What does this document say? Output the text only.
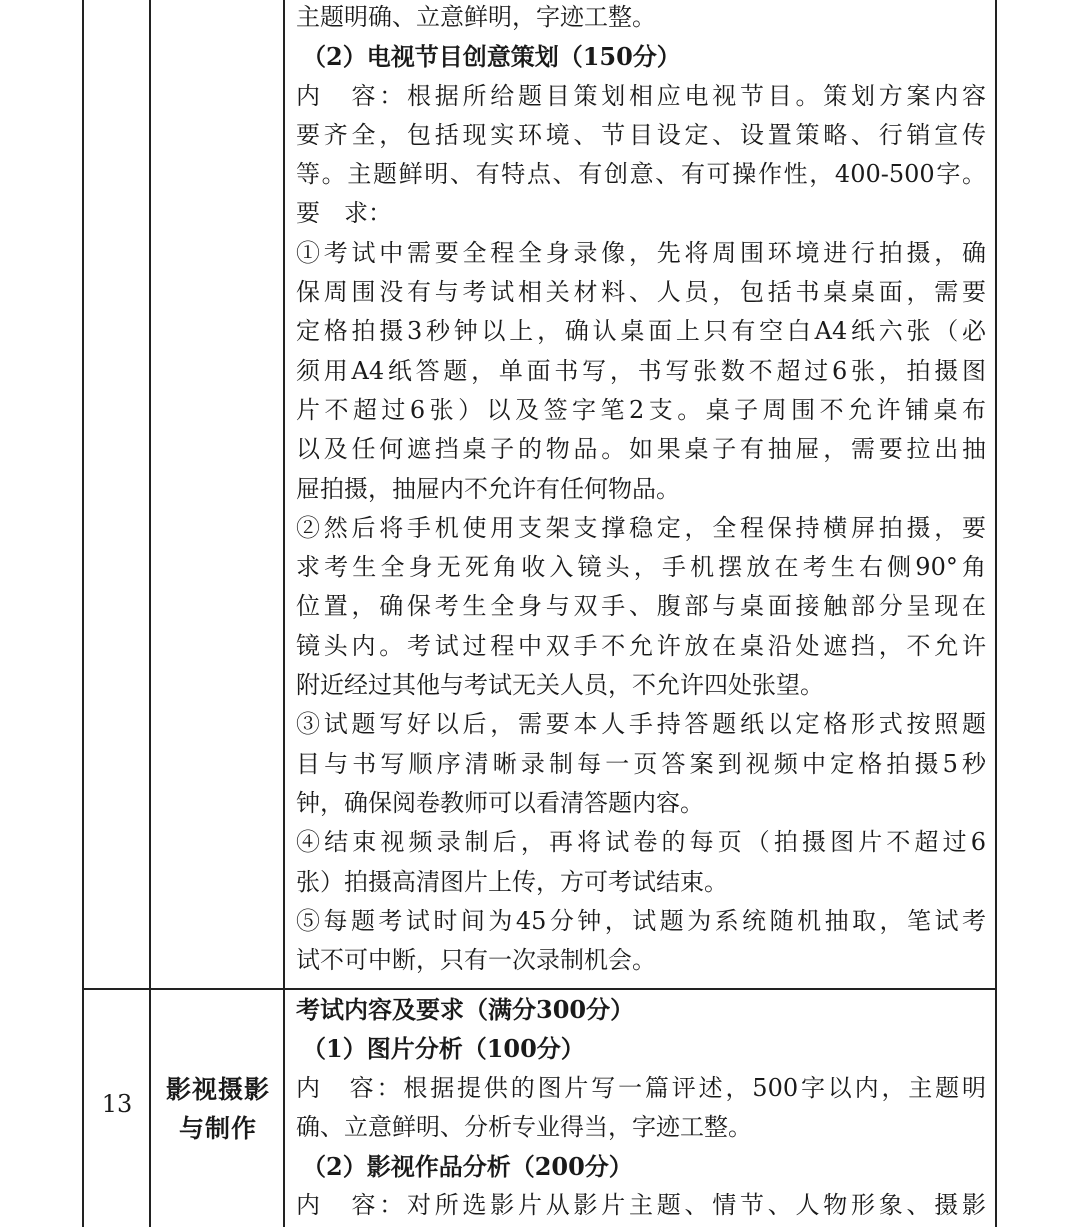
主题明确、立意鲜明，字迹工整。
（2）电视节目创意策划（150分）
内　容：根据所给题目策划相应电视节目。策划方案内容
要齐全，包括现实环境、节目设定、设置策略、行销宣传
等。主题鲜明、有特点、有创意、有可操作性，400-500字。
要　求：
①考试中需要全程全身录像，先将周围环境进行拍摄，确
保周围没有与考试相关材料、人员，包括书桌桌面，需要
定格拍摄3秒钟以上，确认桌面上只有空白A4纸六张（必
须用A4纸答题，单面书写，书写张数不超过6张，拍摄图
片不超过6张）以及签字笔2支。桌子周围不允许铺桌布
以及任何遮挡桌子的物品。如果桌子有抽屉，需要拉出抽
屉拍摄，抽屉内不允许有任何物品。
②然后将手机使用支架支撑稳定，全程保持横屏拍摄，要
求考生全身无死角收入镜头，手机摆放在考生右侧90°角
位置，确保考生全身与双手、腹部与桌面接触部分呈现在
镜头内。考试过程中双手不允许放在桌沿处遮挡，不允许
附近经过其他与考试无关人员，不允许四处张望。
③试题写好以后，需要本人手持答题纸以定格形式按照题
目与书写顺序清晰录制每一页答案到视频中定格拍摄5秒
钟，确保阅卷教师可以看清答题内容。
④结束视频录制后，再将试卷的每页（拍摄图片不超过6
张）拍摄高清图片上传，方可考试结束。
⑤每题考试时间为45分钟，试题为系统随机抽取，笔试考
试不可中断，只有一次录制机会。
13	影视摄影
与制作
考试内容及要求（满分300分）
（1）图片分析（100分）
内　容：根据提供的图片写一篇评述，500字以内，主题明
确、立意鲜明、分析专业得当，字迹工整。
（2）影视作品分析（200分）
内　容：对所选影片从影片主题、情节、人物形象、摄影
